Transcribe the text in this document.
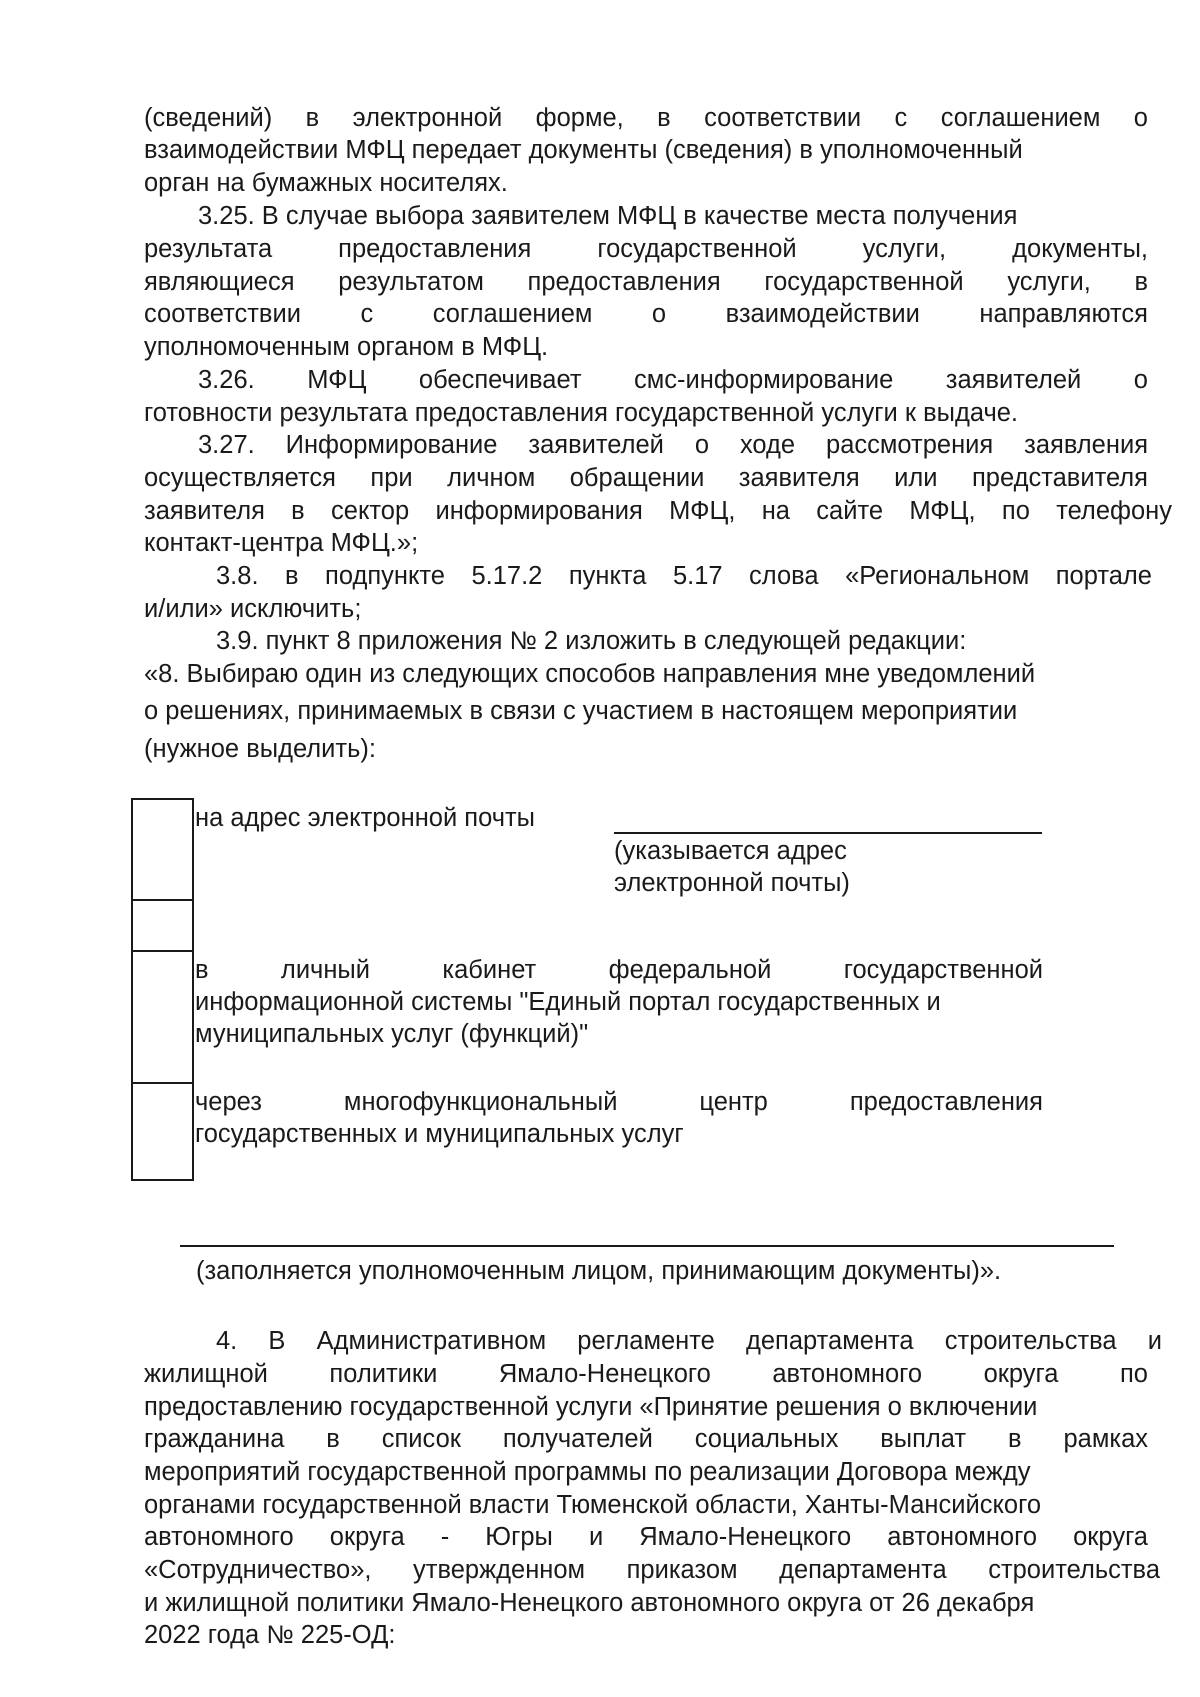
(сведений) в электронной форме, в соответствии с соглашением о
взаимодействии МФЦ передает документы (сведения) в уполномоченный
орган на бумажных носителях.
3.25. В случае выбора заявителем МФЦ в качестве места получения
результата предоставления государственной услуги, документы,
являющиеся результатом предоставления государственной услуги, в
соответствии с соглашением о взаимодействии направляются
уполномоченным органом в МФЦ.
3.26. МФЦ обеспечивает смс-информирование заявителей о
готовности результата предоставления государственной услуги к выдаче.
3.27. Информирование заявителей о ходе рассмотрения заявления
осуществляется при личном обращении заявителя или представителя
заявителя в сектор информирования МФЦ, на сайте МФЦ, по телефону
контакт-центра МФЦ.»;
3.8. в подпункте 5.17.2 пункта 5.17 слова «Региональном портале
и/или» исключить;
3.9. пункт 8 приложения № 2 изложить в следующей редакции:
«8. Выбираю один из следующих способов направления мне уведомлений
о решениях, принимаемых в связи с участием в настоящем мероприятии
(нужное выделить):
на адрес электронной почты
(указывается адрес
электронной почты)
в личный кабинет федеральной государственной
информационной системы "Единый портал государственных и
муниципальных услуг (функций)"
через многофункциональный центр предоставления
государственных и муниципальных услуг
(заполняется уполномоченным лицом, принимающим документы)».
4. В Административном регламенте департамента строительства и
жилищной политики Ямало-Ненецкого автономного округа по
предоставлению государственной услуги «Принятие решения о включении
гражданина в список получателей социальных выплат в рамках
мероприятий государственной программы по реализации Договора между
органами государственной власти Тюменской области, Ханты-Мансийского
автономного округа - Югры и Ямало-Ненецкого автономного округа
«Сотрудничество», утвержденном приказом департамента строительства
и жилищной политики Ямало-Ненецкого автономного округа от 26 декабря
2022 года № 225-ОД:
